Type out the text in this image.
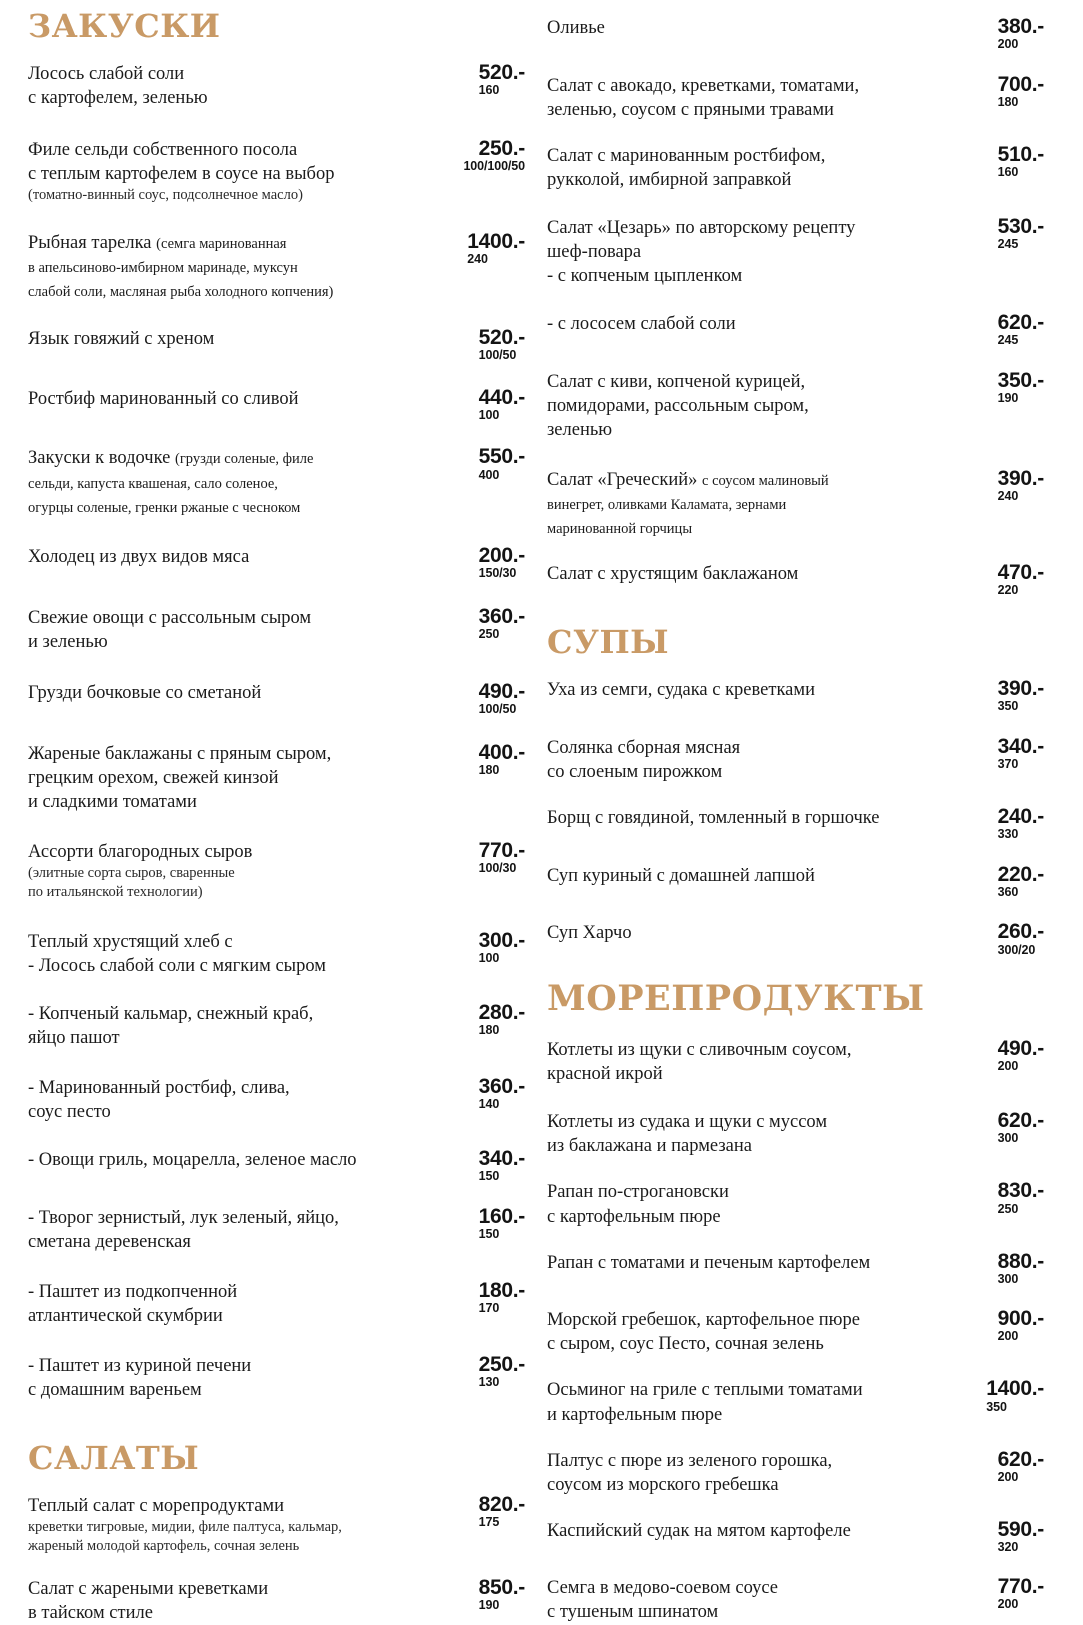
ЗАКУСКИ
Лосось слабой соли
с картофелем, зеленью
520.-
160
Филе сельди собственного посола
с теплым картофелем в соусе на выбор
(томатно-винный соус, подсолнечное масло)
250.-
100/100/50
Рыбная тарелка (семга маринованная
в апельсиново-имбирном маринаде, муксун
слабой соли, масляная рыба холодного копчения)
1400.-
240
Язык говяжий с хреном	520.-
100/50
Ростбиф маринованный со сливой	440.-
100
Закуски к водочке (грузди соленые, филе
сельди, капуста квашеная, сало соленое,
огурцы соленые, гренки ржаные с чесноком
550.-
400
Холодец из двух видов мяса	200.-
150/30
Свежие овощи с рассольным сыром
и зеленью
360.-
250
Грузди бочковые со сметаной	490.-
100/50
Жареные баклажаны с пряным сыром,
грецким орехом, свежей кинзой
и сладкими томатами
400.-
180
Ассорти благородных сыров
(элитные сорта сыров, сваренные
по итальянской технологии)
770.-
100/30
Теплый хрустящий хлеб с
- Лосось слабой соли с мягким сыром
300.-
100
- Копченый кальмар, снежный краб,
яйцо пашот
280.-
180
- Маринованный ростбиф, слива,
соус песто
360.-
140
- Овощи гриль, моцарелла, зеленое масло	340.-
150
- Творог зернистый, лук зеленый, яйцо,
сметана деревенская
160.-
150
- Паштет из подкопченной
атлантической скумбрии
180.-
170
- Паштет из куриной печени
с домашним вареньем
250.-
130
САЛАТЫ
Теплый салат с морепродуктами
креветки тигровые, мидии, филе палтуса, кальмар,
жареный молодой картофель, сочная зелень
820.-
175
Салат с жареными креветками
в тайском стиле
850.-
190
Оливье	380.-
200
Салат с авокадо, креветками, томатами,
зеленью, соусом с пряными травами
700.-
180
Салат с маринованным ростбифом,
рукколой, имбирной заправкой
510.-
160
Салат «Цезарь» по авторскому рецепту
шеф-повара
- с копченым цыпленком
530.-
245
- с лососем слабой соли	620.-
245
Салат с киви, копченой курицей,
помидорами, рассольным сыром,
зеленью
350.-
190
Салат «Греческий» с соусом малиновый
винегрет, оливками Каламата, зернами
маринованной горчицы
390.-
240
Салат с хрустящим баклажаном	470.-
220
СУПЫ
Уха из семги, судака с креветками	390.-
350
Солянка сборная мясная
со слоеным пирожком
340.-
370
Борщ с говядиной, томленный в горшочке	240.-
330
Суп куриный с домашней лапшой	220.-
360
Суп Харчо	260.-
300/20
МОРЕПРОДУКТЫ
Котлеты из щуки с сливочным соусом,
красной икрой
490.-
200
Котлеты из судака и щуки с муссом
из баклажана и пармезана
620.-
300
Рапан по-строгановски
с картофельным пюре
830.-
250
Рапан с томатами и печеным картофелем	880.-
300
Морской гребешок, картофельное пюре
с сыром, соус Песто, сочная зелень
900.-
200
Осьминог на гриле с теплыми томатами
и картофельным пюре
1400.-
350
Палтус с пюре из зеленого горошка,
соусом из морского гребешка
620.-
200
Каспийский судак на мятом картофеле	590.-
320
Семга в медово-соевом соусе
с тушеным шпинатом
770.-
200
